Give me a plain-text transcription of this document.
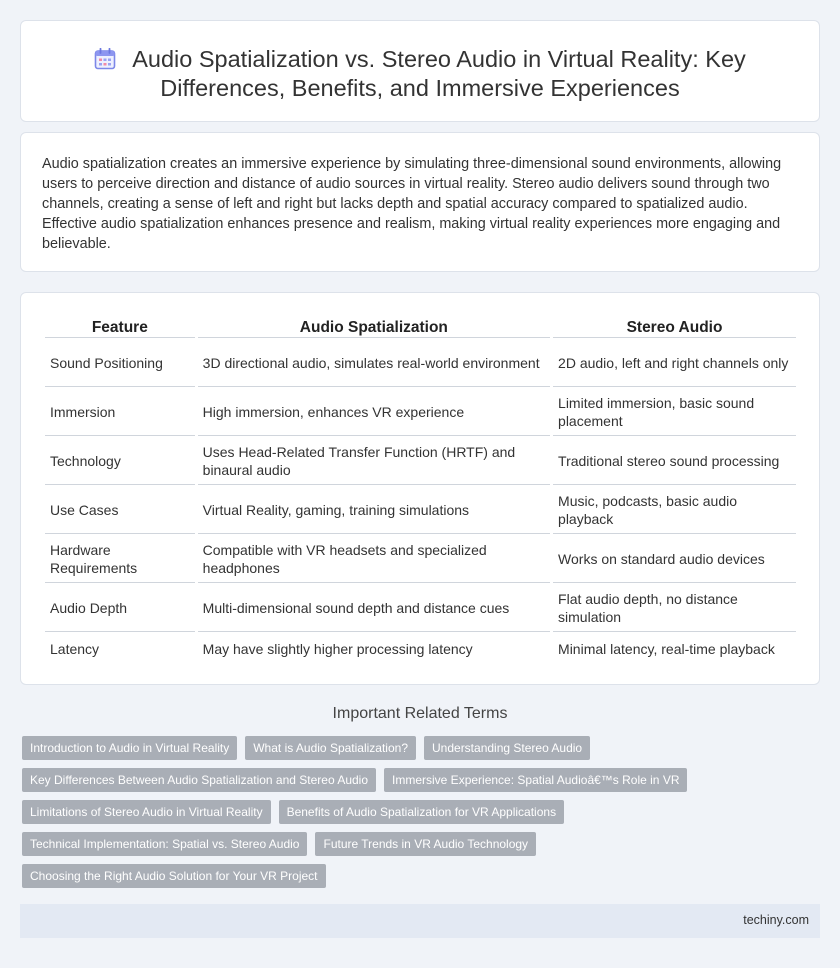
Audio Spatialization vs. Stereo Audio in Virtual Reality: Key Differences, Benefits, and Immersive Experiences

Audio spatialization creates an immersive experience by simulating three-dimensional sound environments, allowing users to perceive direction and distance of audio sources in virtual reality. Stereo audio delivers sound through two channels, creating a sense of left and right but lacks depth and spatial accuracy compared to spatialized audio. Effective audio spatialization enhances presence and realism, making virtual reality experiences more engaging and believable.

Feature	Audio Spatialization	Stereo Audio
Sound Positioning	3D directional audio, simulates real-world environment	2D audio, left and right channels only
Immersion	High immersion, enhances VR experience	Limited immersion, basic sound placement
Technology	Uses Head-Related Transfer Function (HRTF) and binaural audio	Traditional stereo sound processing
Use Cases	Virtual Reality, gaming, training simulations	Music, podcasts, basic audio playback
Hardware Requirements	Compatible with VR headsets and specialized headphones	Works on standard audio devices
Audio Depth	Multi-dimensional sound depth and distance cues	Flat audio depth, no distance simulation
Latency	May have slightly higher processing latency	Minimal latency, real-time playback
Important Related Terms
Introduction to Audio in Virtual Reality	What is Audio Spatialization?	Understanding Stereo Audio
Key Differences Between Audio Spatialization and Stereo Audio	Immersive Experience: Spatial Audioâ€™s Role in VR
Limitations of Stereo Audio in Virtual Reality	Benefits of Audio Spatialization for VR Applications
Technical Implementation: Spatial vs. Stereo Audio	Future Trends in VR Audio Technology
Choosing the Right Audio Solution for Your VR Project
techiny.com
